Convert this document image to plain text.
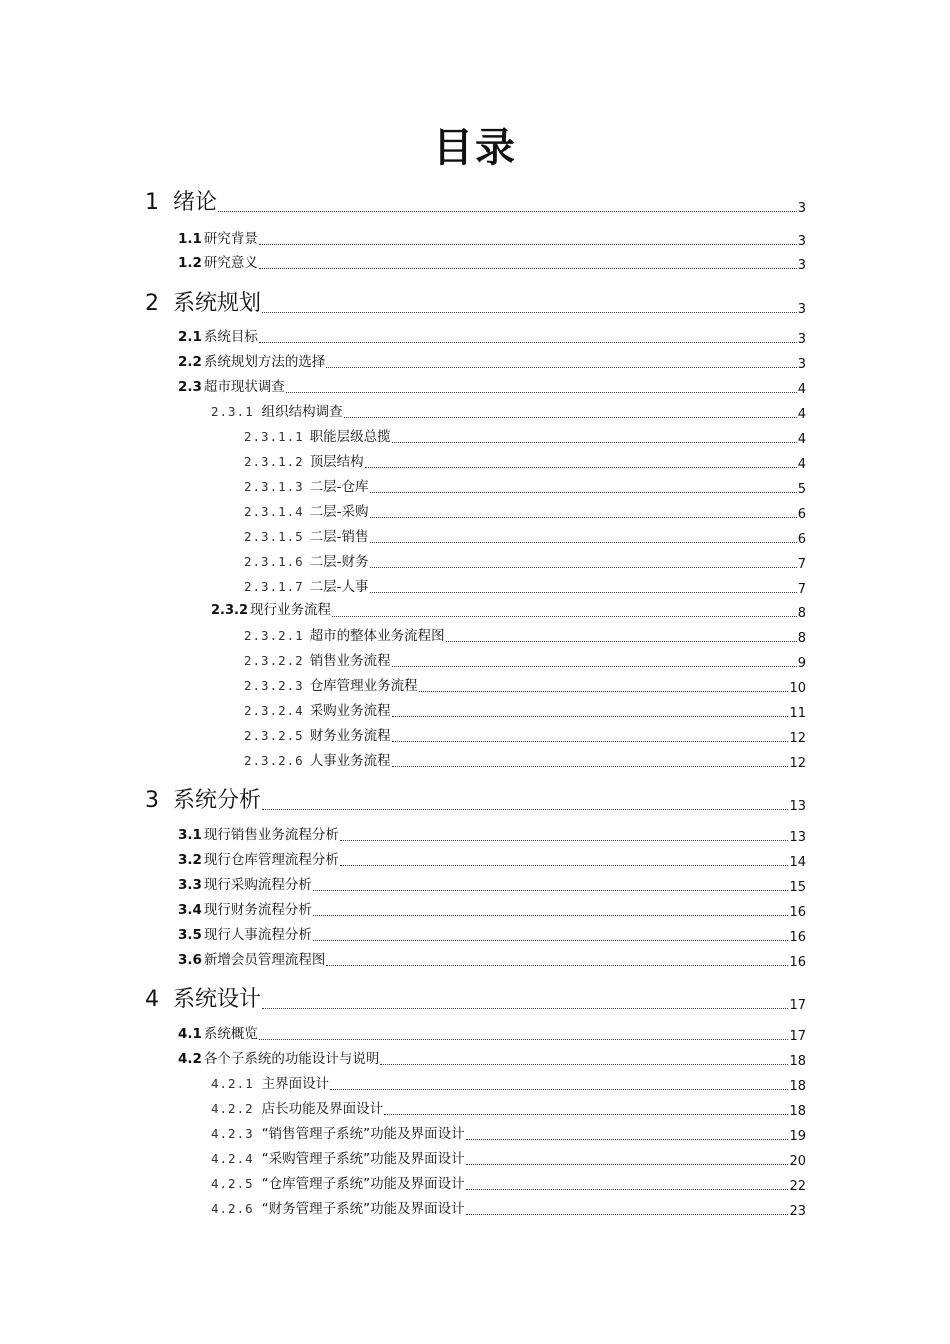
目录
1 绪论	3
1.1 研究背景	3
1.2 研究意义	3
2 系统规划	3
2.1 系统目标	3
2.2 系统规划方法的选择	3
2.3 超市现状调查	4
2.3.1 组织结构调查	4
2.3.1.1 职能层级总揽	4
2.3.1.2 顶层结构	4
2.3.1.3 二层-仓库	5
2.3.1.4 二层-采购	6
2.3.1.5 二层-销售	6
2.3.1.6 二层-财务	7
2.3.1.7 二层-人事	7
2.3.2 现行业务流程	8
2.3.2.1 超市的整体业务流程图	8
2.3.2.2 销售业务流程	9
2.3.2.3 仓库管理业务流程	10
2.3.2.4 采购业务流程	11
2.3.2.5 财务业务流程	12
2.3.2.6 人事业务流程	12
3 系统分析	13
3.1 现行销售业务流程分析	13
3.2 现行仓库管理流程分析	14
3.3 现行采购流程分析	15
3.4 现行财务流程分析	16
3.5 现行人事流程分析	16
3.6 新增会员管理流程图	16
4 系统设计	17
4.1 系统概览	17
4.2 各个子系统的功能设计与说明	18
4.2.1 主界面设计	18
4.2.2 店长功能及界面设计	18
4.2.3 “销售管理子系统”功能及界面设计	19
4.2.4 “采购管理子系统”功能及界面设计	20
4.2.5 “仓库管理子系统”功能及界面设计	22
4.2.6 “财务管理子系统”功能及界面设计	23
